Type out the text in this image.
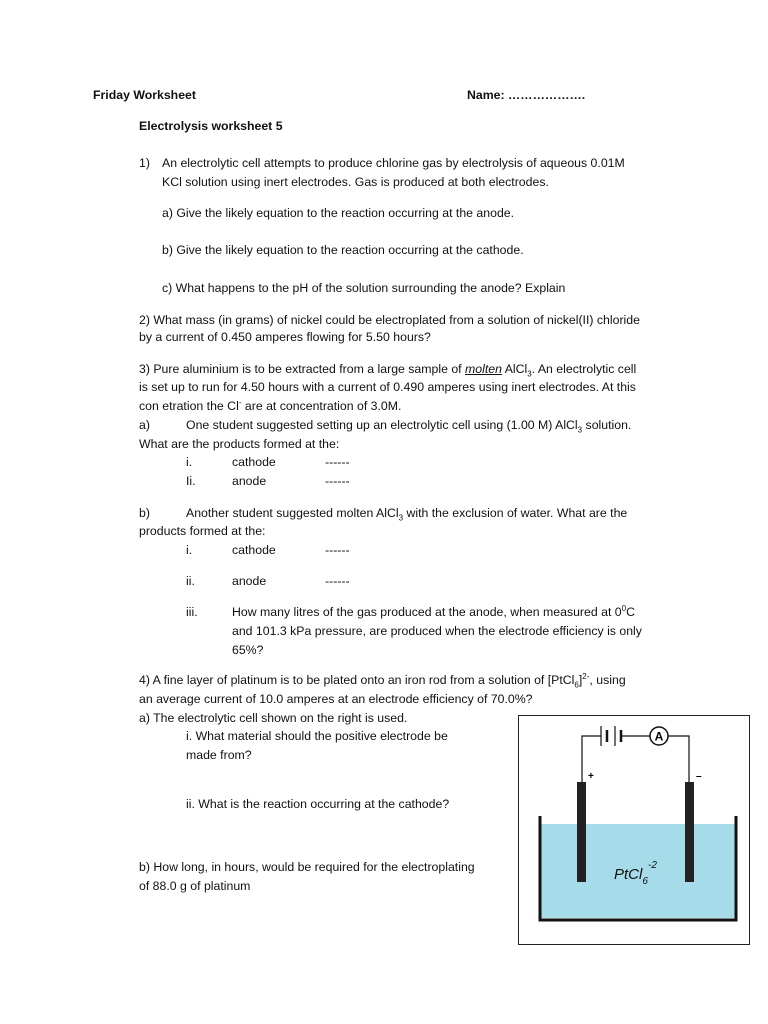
Friday Worksheet	Name: ……………….
Electrolysis worksheet 5
1) An electrolytic cell attempts to produce chlorine gas by electrolysis of aqueous 0.01M
KCl solution using inert electrodes. Gas is produced at both electrodes.
a) Give the likely equation to the reaction occurring at the anode.
b) Give the likely equation to the reaction occurring at the cathode.
c) What happens to the pH of the solution surrounding the anode? Explain
2) What mass (in grams) of nickel could be electroplated from a solution of nickel(II) chloride
by a current of 0.450 amperes flowing for 5.50 hours?
3) Pure aluminium is to be extracted from a large sample of molten AlCl$_3$. An electrolytic cell
is set up to run for 4.50 hours with a current of 0.490 amperes using inert electrodes. At this
con etration the Cl- are at concentration of 3.0M.
a)	One student suggested setting up an electrolytic cell using (1.00 M) AlCl$_3$ solution.
What are the products formed at the:
i.	cathode	------
Ii.	anode	------
b)	Another student suggested molten AlCl$_3$ with the exclusion of water. What are the
products formed at the:
i.	cathode	------
ii.	anode	------
iii.	How many litres of the gas produced at the anode, when measured at $0^0C$
and 101.3 kPa pressure, are produced when the electrode efficiency is only
65%?
4) A fine layer of platinum is to be plated onto an iron rod from a solution of [PtCl$_6$]$^{2-}$, using
an average current of 10.0 amperes at an electrode efficiency of 70.0%?
a) The electrolytic cell shown on the right is used.
i. What material should the positive electrode be
made from?
ii. What is the reaction occurring at the cathode?
b) How long, in hours, would be required for the electroplating
of 88.0 g of platinum
A
+	–
PtCl$_6$
-2
